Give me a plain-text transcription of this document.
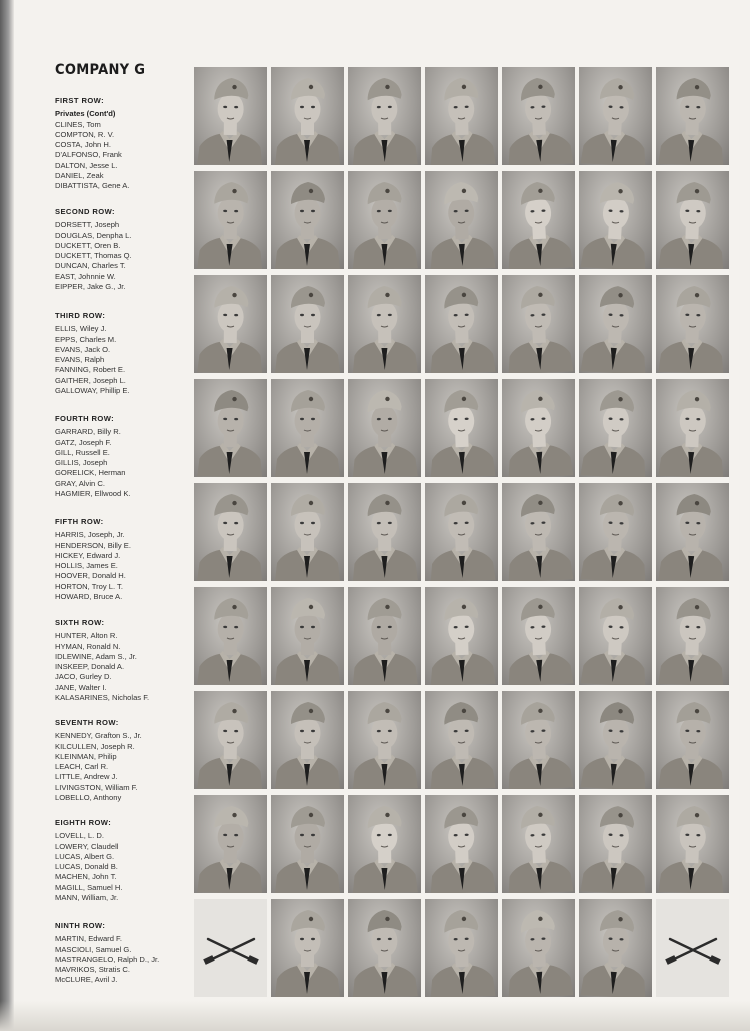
COMPANY G
FIRST ROW:
Privates (Cont'd)
CLINES, Tom
COMPTON, R. V.
COSTA, John H.
D'ALFONSO, Frank
DALTON, Jesse L.
DANIEL, Zeak
DIBATTISTA, Gene A.
SECOND ROW:
DORSETT, Joseph
DOUGLAS, Denpha L.
DUCKETT, Oren B.
DUCKETT, Thomas Q.
DUNCAN, Charles T.
EAST, Johnnie W.
EIPPER, Jake G., Jr.
THIRD ROW:
ELLIS, Wiley J.
EPPS, Charles M.
EVANS, Jack O.
EVANS, Ralph
FANNING, Robert E.
GAITHER, Joseph L.
GALLOWAY, Phillip E.
FOURTH ROW:
GARRARD, Billy R.
GATZ, Joseph F.
GILL, Russell E.
GILLIS, Joseph
GORELICK, Herman
GRAY, Alvin C.
HAGMIER, Ellwood K.
FIFTH ROW:
HARRIS, Joseph, Jr.
HENDERSON, Billy E.
HICKEY, Edward J.
HOLLIS, James E.
HOOVER, Donald H.
HORTON, Troy L. T.
HOWARD, Bruce A.
SIXTH ROW:
HUNTER, Alton R.
HYMAN, Ronald N.
IDLEWINE, Adam S., Jr.
INSKEEP, Donald A.
JACO, Gurley D.
JANE, Walter I.
KALASARINES, Nicholas F.
SEVENTH ROW:
KENNEDY, Grafton S., Jr.
KILCULLEN, Joseph R.
KLEINMAN, Philip
LEACH, Carl R.
LITTLE, Andrew J.
LIVINGSTON, William F.
LOBELLO, Anthony
EIGHTH ROW:
LOVELL, L. D.
LOWERY, Claudell
LUCAS, Albert G.
LUCAS, Donald B.
MACHEN, John T.
MAGILL, Samuel H.
MANN, William, Jr.
NINTH ROW:
MARTIN, Edward F.
MASCIOLI, Samuel G.
MASTRANGELO, Ralph D., Jr.
MAVRIKOS, Stratis C.
McCLURE, Avril J.
